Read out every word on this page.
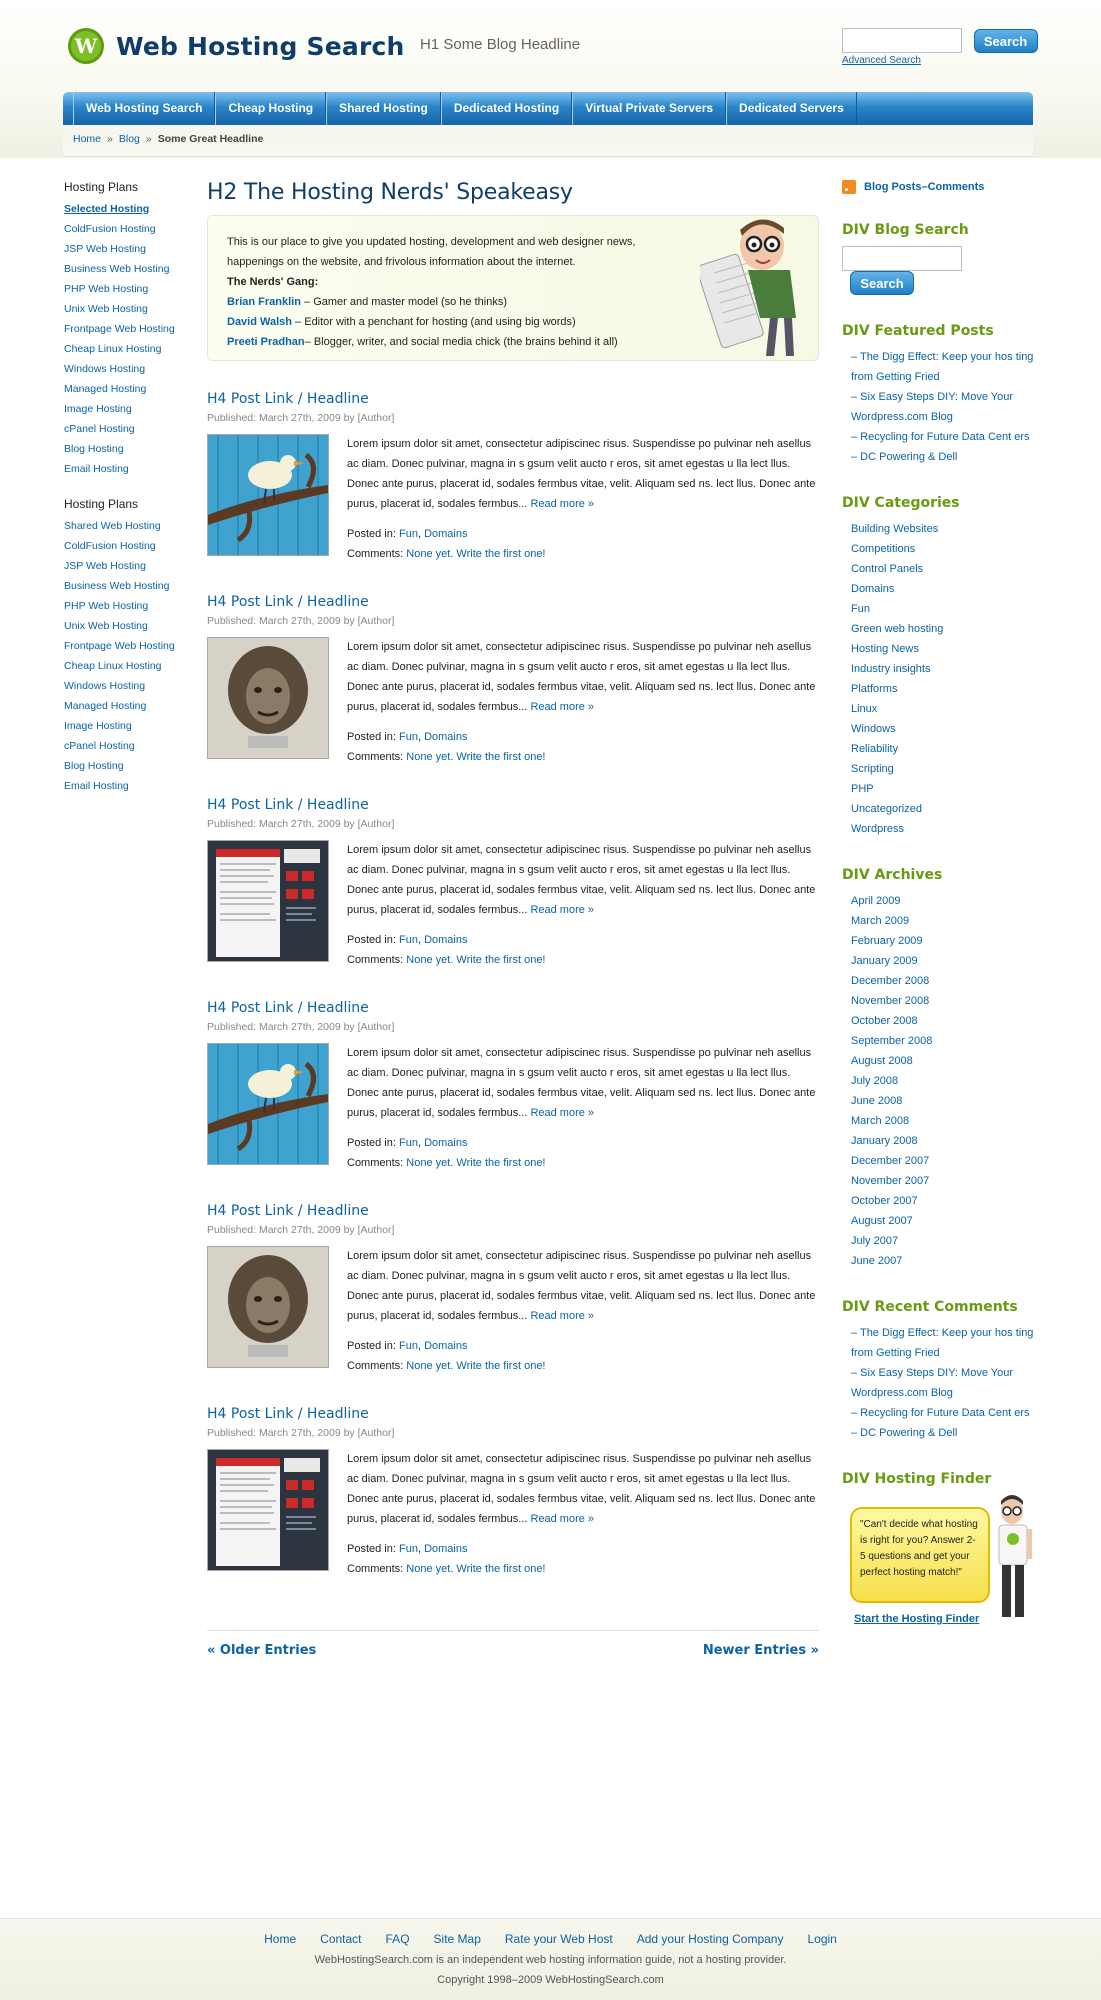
W Web Hosting Search H1 Some Blog Headline	Search
Advanced Search
Web Hosting Search	Cheap Hosting	Shared Hosting	Dedicated Hosting	Virtual Private Servers	Dedicated Servers
Home » Blog » Some Great Headline
Hosting Plans
Selected Hosting
ColdFusion Hosting
JSP Web Hosting
Business Web Hosting
PHP Web Hosting
Unix Web Hosting
Frontpage Web Hosting
Cheap Linux Hosting
Windows Hosting
Managed Hosting
Image Hosting
cPanel Hosting
Blog Hosting
Email Hosting
Hosting Plans
Shared Web Hosting
ColdFusion Hosting
JSP Web Hosting
Business Web Hosting
PHP Web Hosting
Unix Web Hosting
Frontpage Web Hosting
Cheap Linux Hosting
Windows Hosting
Managed Hosting
Image Hosting
cPanel Hosting
Blog Hosting
Email Hosting
H2 The Hosting Nerds' Speakeasy
This is our place to give you updated hosting, development and web designer news, happenings on the website, and frivolous information about the internet.
The Nerds' Gang:
Brian Franklin – Gamer and master model (so he thinks)
David Walsh – Editor with a penchant for hosting (and using big words)
Preeti Pradhan– Blogger, writer, and social media chick (the brains behind it all)
H4 Post Link / Headline
Published: March 27th, 2009 by [Author]
Lorem ipsum dolor sit amet, consectetur adipiscinec risus. Suspendisse po pulvinar neh asellus ac diam. Donec pulvinar, magna in s gsum velit aucto r eros, sit amet egestas u lla lect llus. Donec ante purus, placerat id, sodales fermbus vitae, velit. Aliquam sed ns. lect llus. Donec ante purus, placerat id, sodales fermbus... Read more »
Posted in: Fun, Domains
Comments: None yet. Write the first one!
H4 Post Link / Headline
Published: March 27th, 2009 by [Author]
Lorem ipsum dolor sit amet, consectetur adipiscinec risus. Suspendisse po pulvinar neh asellus ac diam. Donec pulvinar, magna in s gsum velit aucto r eros, sit amet egestas u lla lect llus. Donec ante purus, placerat id, sodales fermbus vitae, velit. Aliquam sed ns. lect llus. Donec ante purus, placerat id, sodales fermbus... Read more »
Posted in: Fun, Domains
Comments: None yet. Write the first one!
H4 Post Link / Headline
Published: March 27th, 2009 by [Author]
Lorem ipsum dolor sit amet, consectetur adipiscinec risus. Suspendisse po pulvinar neh asellus ac diam. Donec pulvinar, magna in s gsum velit aucto r eros, sit amet egestas u lla lect llus. Donec ante purus, placerat id, sodales fermbus vitae, velit. Aliquam sed ns. lect llus. Donec ante purus, placerat id, sodales fermbus... Read more »
Posted in: Fun, Domains
Comments: None yet. Write the first one!
H4 Post Link / Headline
Published: March 27th, 2009 by [Author]
Lorem ipsum dolor sit amet, consectetur adipiscinec risus. Suspendisse po pulvinar neh asellus ac diam. Donec pulvinar, magna in s gsum velit aucto r eros, sit amet egestas u lla lect llus. Donec ante purus, placerat id, sodales fermbus vitae, velit. Aliquam sed ns. lect llus. Donec ante purus, placerat id, sodales fermbus... Read more »
Posted in: Fun, Domains
Comments: None yet. Write the first one!
H4 Post Link / Headline
Published: March 27th, 2009 by [Author]
Lorem ipsum dolor sit amet, consectetur adipiscinec risus. Suspendisse po pulvinar neh asellus ac diam. Donec pulvinar, magna in s gsum velit aucto r eros, sit amet egestas u lla lect llus. Donec ante purus, placerat id, sodales fermbus vitae, velit. Aliquam sed ns. lect llus. Donec ante purus, placerat id, sodales fermbus... Read more »
Posted in: Fun, Domains
Comments: None yet. Write the first one!
H4 Post Link / Headline
Published: March 27th, 2009 by [Author]
Lorem ipsum dolor sit amet, consectetur adipiscinec risus. Suspendisse po pulvinar neh asellus ac diam. Donec pulvinar, magna in s gsum velit aucto r eros, sit amet egestas u lla lect llus. Donec ante purus, placerat id, sodales fermbus vitae, velit. Aliquam sed ns. lect llus. Donec ante purus, placerat id, sodales fermbus... Read more »
Posted in: Fun, Domains
Comments: None yet. Write the first one!
« Older Entries	Newer Entries »
Blog Posts – Comments
DIV Blog Search
Search
DIV Featured Posts
– The Digg Effect: Keep your hos ting from Getting Fried
– Six Easy Steps DIY: Move Your Wordpress.com Blog
– Recycling for Future Data Cent ers – DC Powering & Dell
DIV Categories
Building Websites
Competitions
Control Panels
Domains
Fun
Green web hosting
Hosting News
Industry insights
Platforms
Linux
Windows
Reliability
Scripting
PHP
Uncategorized
Wordpress
DIV Archives
April 2009
March 2009
February 2009
January 2009
December 2008
November 2008
October 2008
September 2008
August 2008
July 2008
June 2008
March 2008
January 2008
December 2007
November 2007
October 2007
August 2007
July 2007
June 2007
DIV Recent Comments
– The Digg Effect: Keep your hos ting from Getting Fried
– Six Easy Steps DIY: Move Your Wordpress.com Blog
– Recycling for Future Data Cent ers – DC Powering & Dell
DIV Hosting Finder
"Can't decide what hosting is right for you? Answer 2-5 questions and get your perfect hosting match!"
Start the Hosting Finder
Home Contact FAQ Site Map Rate your Web Host Add your Hosting Company Login
WebHostingSearch.com is an independent web hosting information guide, not a hosting provider.
Copyright 1998–2009 WebHostingSearch.com
